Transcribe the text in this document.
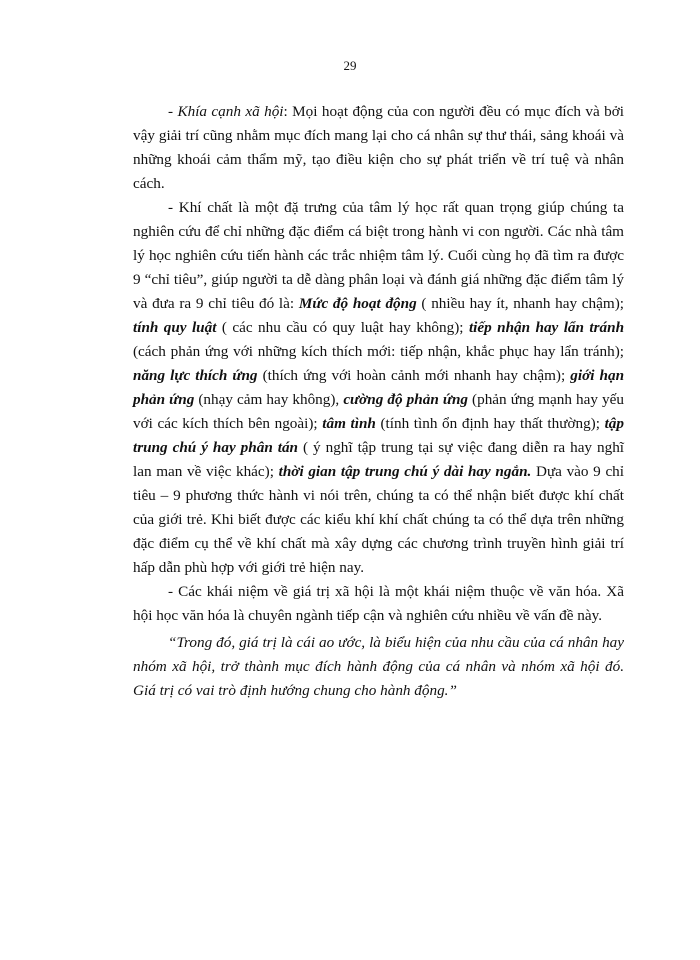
29

- Khía cạnh xã hội: Mọi hoạt động của con người đều có mục đích và bởi vậy giải trí cũng nhằm mục đích mang lại cho cá nhân sự thư thái, sảng khoái và những khoái cảm thẩm mỹ, tạo điều kiện cho sự phát triển về trí tuệ và nhân cách.

- Khí chất là một đặ trưng của tâm lý học rất quan trọng giúp chúng ta nghiên cứu để chỉ những đặc điểm cá biệt trong hành vi con người. Các nhà tâm lý học nghiên cứu tiến hành các trắc nhiệm tâm lý. Cuối cùng họ đã tìm ra được 9 “chỉ tiêu”, giúp người ta dễ dàng phân loại và đánh giá những đặc điểm tâm lý và đưa ra 9 chỉ tiêu đó là: Mức độ hoạt động ( nhiều hay ít, nhanh hay chậm); tính quy luật ( các nhu cầu có quy luật hay không); tiếp nhận hay lẩn tránh (cách phản ứng với những kích thích mới: tiếp nhận, khắc phục hay lẩn tránh); năng lực thích ứng (thích ứng với hoàn cảnh mới nhanh hay chậm); giới hạn phản ứng (nhạy cảm hay không), cường độ phản ứng (phản ứng mạnh hay yếu với các kích thích bên ngoài); tâm tình (tính tình ổn định hay thất thường); tập trung chú ý hay phân tán ( ý nghĩ tập trung tại sự việc đang diễn ra hay nghĩ lan man về việc khác); thời gian tập trung chú ý dài hay ngắn. Dựa vào 9 chỉ tiêu – 9 phương thức hành vi nói trên, chúng ta có thể nhận biết được khí chất của giới trẻ. Khi biết được các kiểu khí khí chất chúng ta có thể dựa trên những đặc điểm cụ thể về khí chất mà xây dựng các chương trình truyền hình giải trí hấp dẫn phù hợp với giới trẻ hiện nay.

- Các khái niệm về giá trị xã hội là một khái niệm thuộc về văn hóa. Xã hội học văn hóa là chuyên ngành tiếp cận và nghiên cứu nhiều về vấn đề này.

“Trong đó, giá trị là cái ao ước, là biểu hiện của nhu cầu của cá nhân hay nhóm xã hội, trở thành mục đích hành động của cá nhân và nhóm xã hội đó. Giá trị có vai trò định hướng chung cho hành động.”
